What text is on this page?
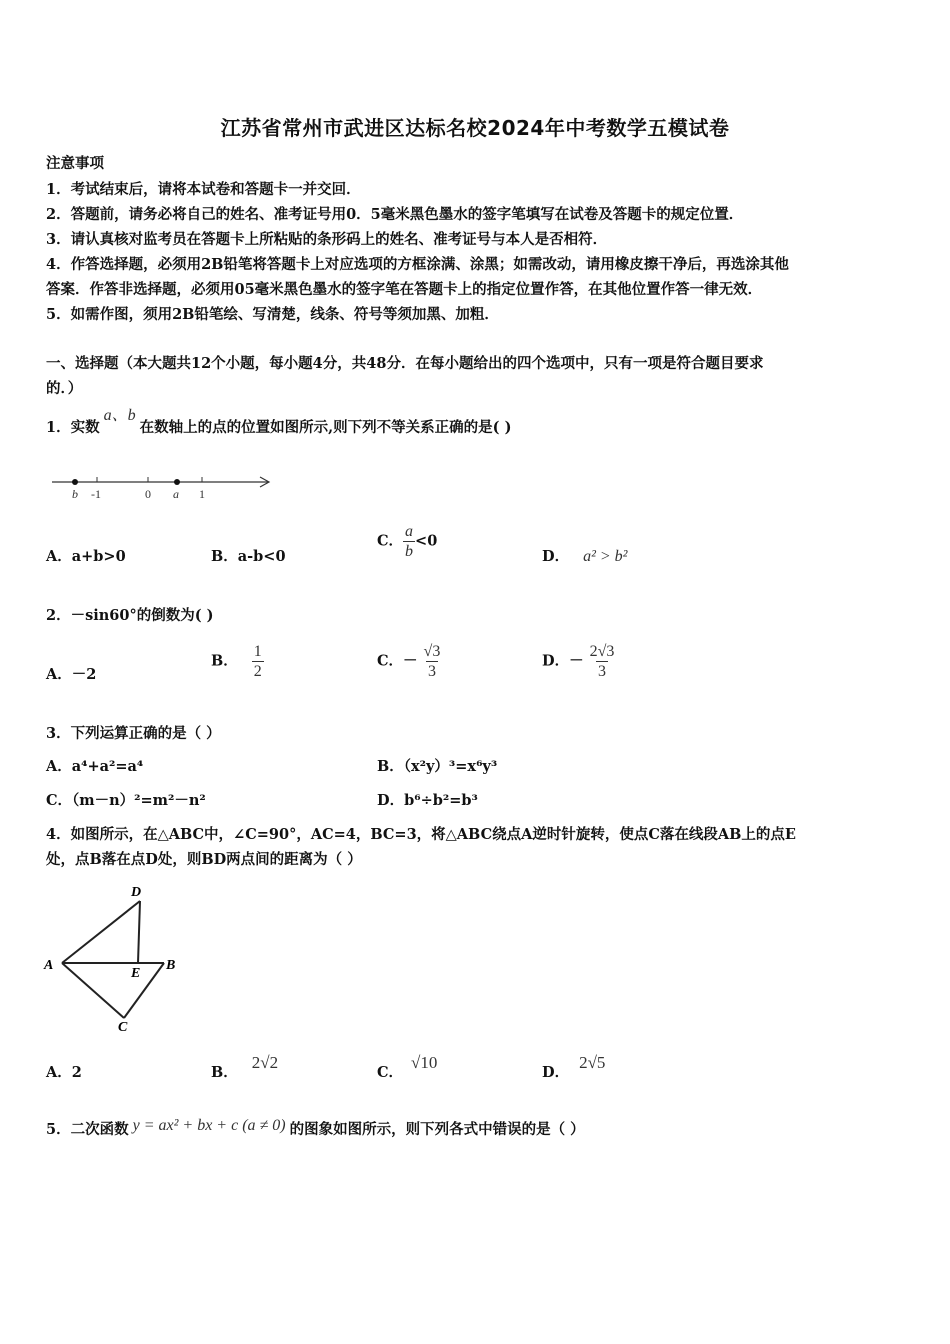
江苏省常州市武进区达标名校2024年中考数学五模试卷
注意事项
1．考试结束后，请将本试卷和答题卡一并交回．
2．答题前，请务必将自己的姓名、准考证号用0．5毫米黑色墨水的签字笔填写在试卷及答题卡的规定位置．
3．请认真核对监考员在答题卡上所粘贴的条形码上的姓名、准考证号与本人是否相符．
4．作答选择题，必须用2B铅笔将答题卡上对应选项的方框涂满、涂黑；如需改动，请用橡皮擦干净后，再选涂其他
答案．作答非选择题，必须用05毫米黑色墨水的签字笔在答题卡上的指定位置作答，在其他位置作答一律无效．
5．如需作图，须用2B铅笔绘、写清楚，线条、符号等须加黑、加粗．
一、选择题（本大题共12个小题，每小题4分，共48分．在每小题给出的四个选项中，只有一项是符合题目要求
的．）
1．实数a、b在数轴上的点的位置如图所示,则下列不等关系正确的是( )
b -1	0 a 1
A．a+b>0	B．a-b<0
C． $\frac{a}{b} <0$
D． a² > b²
2．－sin60°的倒数为( )
A．－2
B． $\frac{1}{2}$	C．－ $\frac{√3}{3}$	D．－ $\frac{2√3}{3}$
3．下列运算正确的是（ ）
A．a⁴+a²=a⁴	B．（x²y）³=x⁶y³
C．（m－n）²=m²－n²	D．b⁶÷b²=b³
4．如图所示，在△ABC中，∠C=90°，AC=4，BC=3，将△ABC绕点A逆时针旋转，使点C落在线段AB上的点E
处，点B落在点D处，则BD两点间的距离为（ ）
D
A
E
B
C
A．2	B．2√2
C．√10
D．2√5
5．二次函数 y = ax² + bx + c (a ≠ 0) 的图象如图所示，则下列各式中错误的是（ ）
